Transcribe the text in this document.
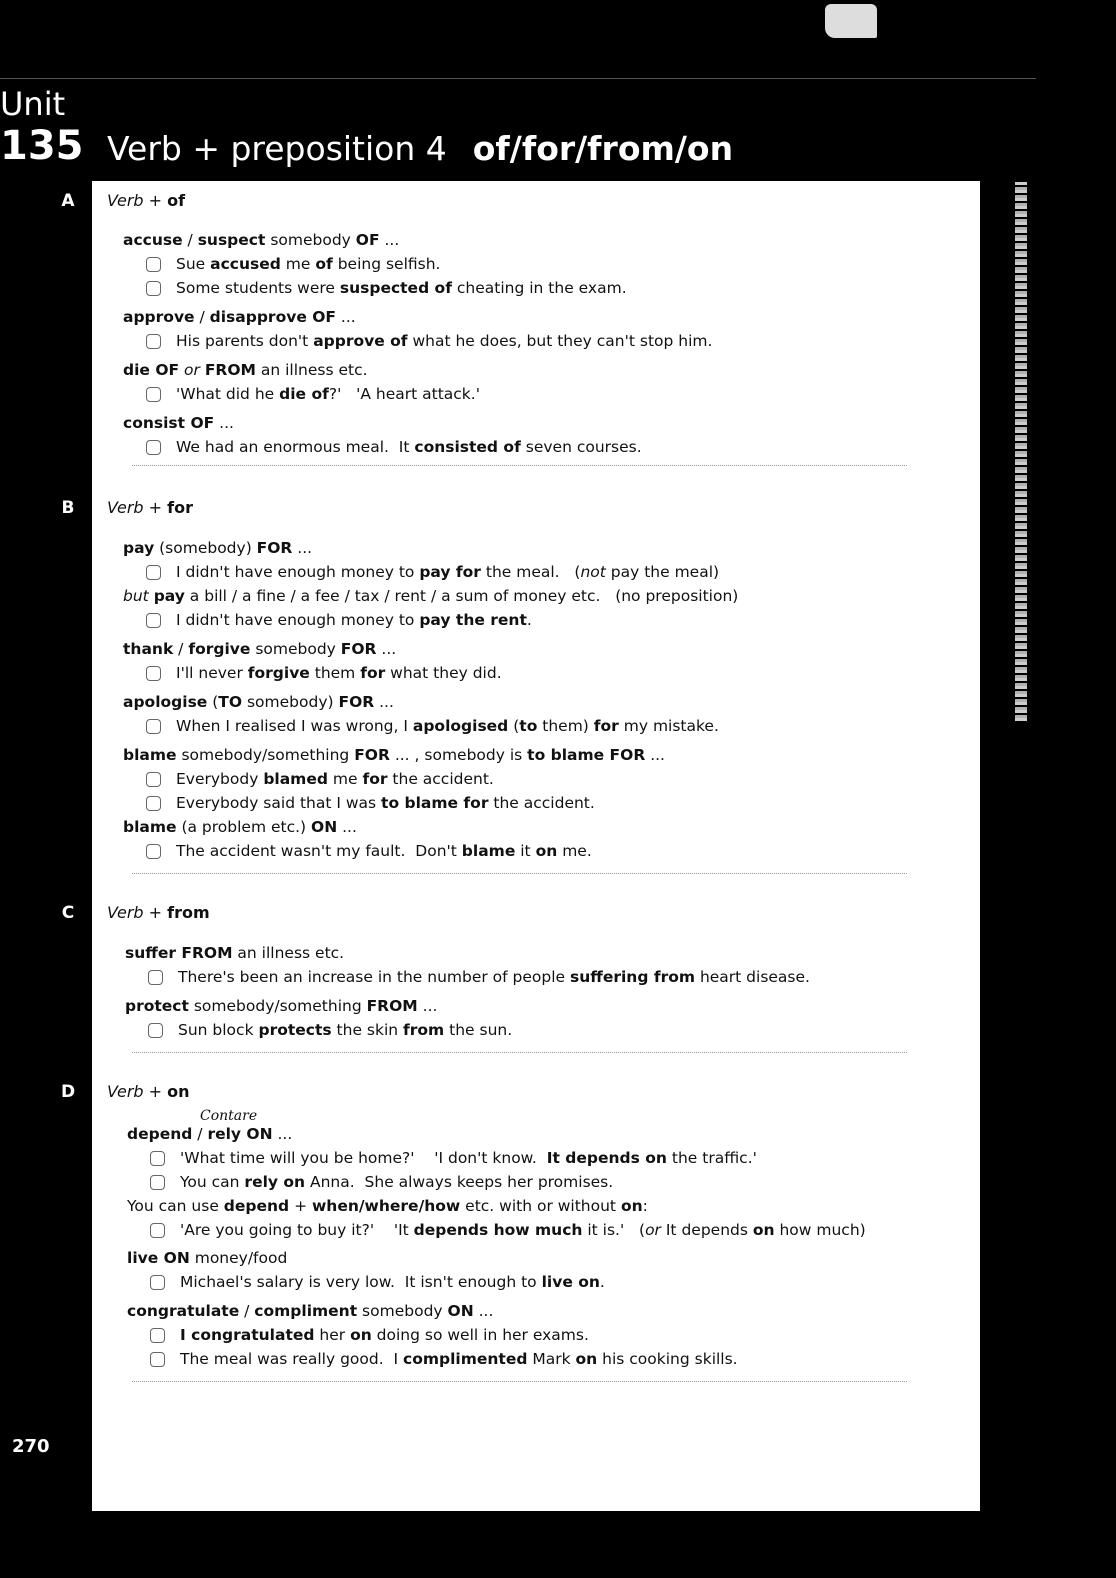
Unit
135 Verb + preposition 4 of/for/from/on
A	Verb + of
accuse / suspect somebody OF ...
Sue accused me of being selfish.
Some students were suspected of cheating in the exam.
approve / disapprove OF ...
His parents don't approve of what he does, but they can't stop him.
die OF or FROM an illness etc.
'What did he die of?'   'A heart attack.'
consist OF ...
We had an enormous meal.  It consisted of seven courses.
B	Verb + for
pay (somebody) FOR ...
I didn't have enough money to pay for the meal.   (not pay the meal)
but pay a bill / a fine / a fee / tax / rent / a sum of money etc.   (no preposition)
I didn't have enough money to pay the rent.
thank / forgive somebody FOR ...
I'll never forgive them for what they did.
apologise (TO somebody) FOR ...
When I realised I was wrong, I apologised (to them) for my mistake.
blame somebody/something FOR ... , somebody is to blame FOR ...
Everybody blamed me for the accident.
Everybody said that I was to blame for the accident.
blame (a problem etc.) ON ...
The accident wasn't my fault.  Don't blame it on me.
C	Verb + from
suffer FROM an illness etc.
There's been an increase in the number of people suffering from heart disease.
protect somebody/something FROM ...
Sun block protects the skin from the sun.
D	Verb + on
Contare
depend / rely ON ...
'What time will you be home?'    'I don't know.  It depends on the traffic.'
You can rely on Anna.  She always keeps her promises.
You can use depend + when/where/how etc. with or without on:
'Are you going to buy it?'    'It depends how much it is.'   (or It depends on how much)
live ON money/food
Michael's salary is very low.  It isn't enough to live on.
congratulate / compliment somebody ON ...
I congratulated her on doing so well in her exams.
The meal was really good.  I complimented Mark on his cooking skills.
270
